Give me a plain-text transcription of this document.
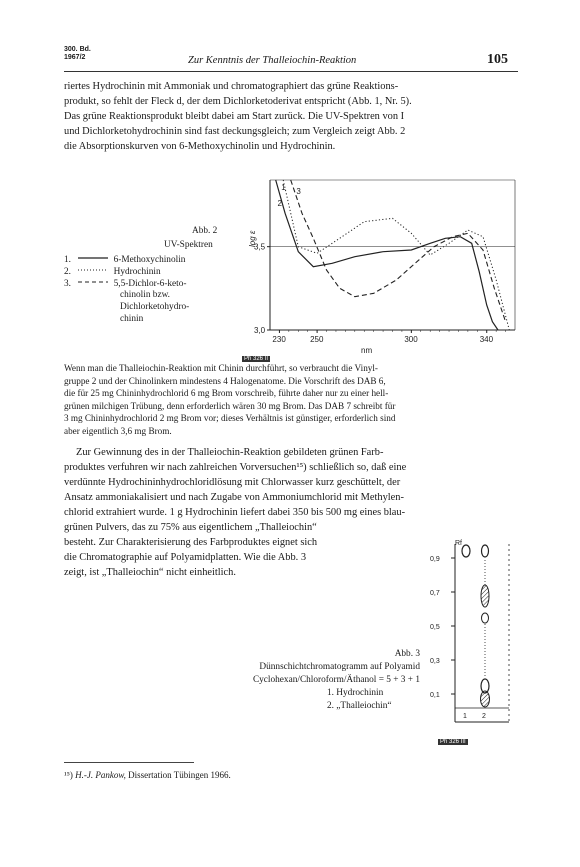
300. Bd.
1967/2	Zur Kenntnis der Thalleiochin-Reaktion	105
riertes Hydrochinin mit Ammoniak und chromatographiert das grüne Reaktions-
produkt, so fehlt der Fleck d, der dem Dichlorketoderivat entspricht (Abb. 1, Nr. 5).
Das grüne Reaktionsprodukt bleibt dabei am Start zurück. Die UV-Spektren von I
und Dichlorketohydrochinin sind fast deckungsgleich; zum Vergleich zeigt Abb. 2
die Absorptionskurven von 6-Methoxychinolin und Hydrochinin.
Abb. 2
UV-Spektren
1.	6-Methoxychinolin
2.	Hydrochinin
3.	5,5-Dichlor-6-keto-
chinolin bzw.
Dichlorketohydro-
chinin
3,5
3,0
230	250	300	340
1
2
3
log ε
nm
Ph 326 II
Wenn man die Thalleiochin-Reaktion mit Chinin durchführt, so verbraucht die Vinyl-
gruppe 2 und der Chinolinkern mindestens 4 Halogenatome. Die Vorschrift des DAB 6,
die für 25 mg Chininhydrochlorid 6 mg Brom vorschreib, führte daher nur zu einer hell-
grünen milchigen Trübung, denn erforderlich wären 30 mg Brom. Das DAB 7 schreibt für
3 mg Chininhydrochlorid 2 mg Brom vor; dieses Verhältnis ist günstiger, erforderlich sind
aber eigentlich 3,6 mg Brom.
Zur Gewinnung des in der Thalleiochin-Reaktion gebildeten grünen Farb-
produktes verfuhren wir nach zahlreichen Vorversuchen¹⁵) schließlich so, daß eine
verdünnte Hydrochininhydrochloridlösung mit Chlorwasser kurz geschüttelt, der
Ansatz ammoniakalisiert und nach Zugabe von Ammoniumchlorid mit Methylen-
chlorid extrahiert wurde. 1 g Hydrochinin liefert dabei 350 bis 500 mg eines blau-
grünen Pulvers, das zu 75% aus eigentlichem „Thalleiochin“
besteht. Zur Charakterisierung des Farbproduktes eignet sich
die Chromatographie auf Polyamidplatten. Wie die Abb. 3
zeigt, ist „Thalleiochin“ nicht einheitlich.
Abb. 3
Dünnschichtchromatogramm auf Polyamid
Cyclohexan/Chloroform/Äthanol = 5 + 3 + 1
1. Hydrochinin
2. „Thalleiochin“
Rf
0,9
0,7
0,5
0,3
0,1
1 2
Ph 326 III
¹⁵) H.-J. Pankow, Dissertation Tübingen 1966.
